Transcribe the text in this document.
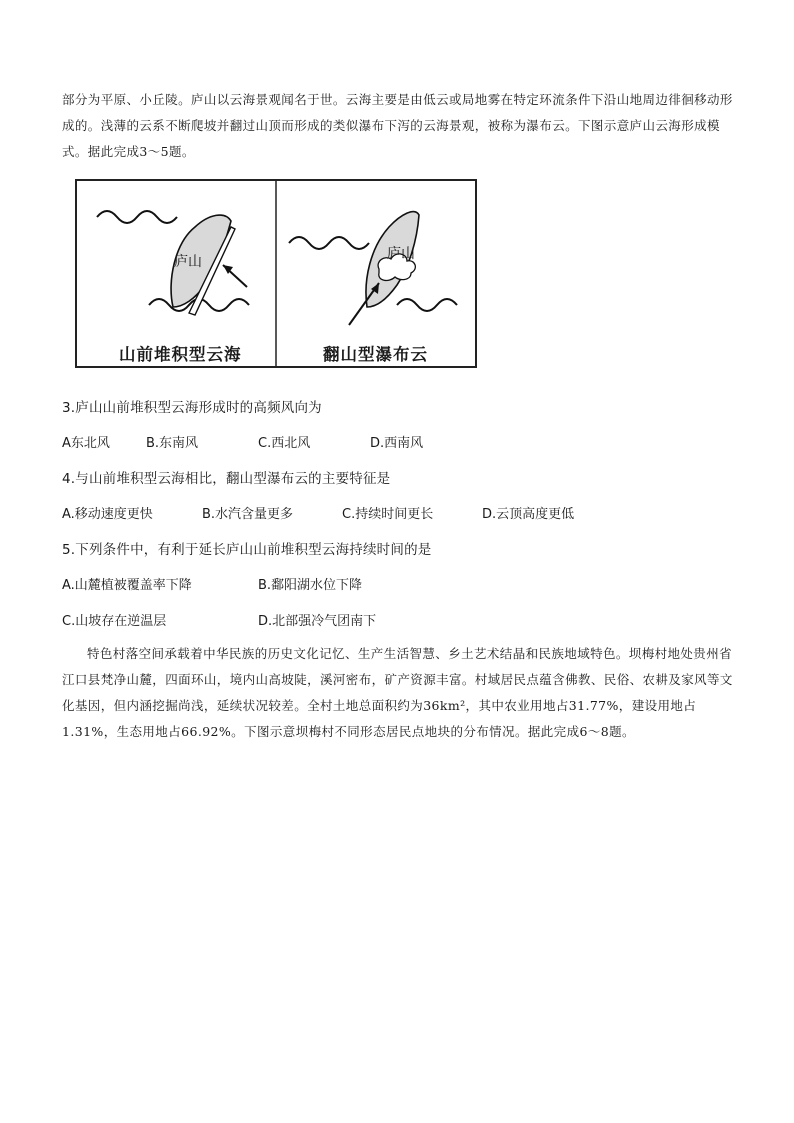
部分为平原、小丘陵。庐山以云海景观闻名于世。云海主要是由低云或局地雾在特定环流条件下沿山地周边徘徊移动形成的。浅薄的云系不断爬坡并翻过山顶而形成的类似瀑布下泻的云海景观，被称为瀑布云。下图示意庐山云海形成模式。据此完成3～5题。

庐山	庐山
山前堆积型云海	翻山型瀑布云

3.庐山山前堆积型云海形成时的高频风向为

A东北风	B.东南风	C.西北风	D.西南风

4.与山前堆积型云海相比，翻山型瀑布云的主要特征是

A.移动速度更快	B.水汽含量更多	C.持续时间更长	D.云顶高度更低

5.下列条件中，有利于延长庐山山前堆积型云海持续时间的是

A.山麓植被覆盖率下降	B.鄱阳湖水位下降
C.山坡存在逆温层	D.北部强冷气团南下

特色村落空间承载着中华民族的历史文化记忆、生产生活智慧、乡土艺术结晶和民族地域特色。坝梅村地处贵州省江口县梵净山麓，四面环山，境内山高坡陡，溪河密布，矿产资源丰富。村域居民点蕴含佛教、民俗、农耕及家风等文化基因，但内涵挖掘尚浅，延续状况较差。全村土地总面积约为36km²，其中农业用地占31.77%，建设用地占1.31%，生态用地占66.92%。下图示意坝梅村不同形态居民点地块的分布情况。据此完成6～8题。
